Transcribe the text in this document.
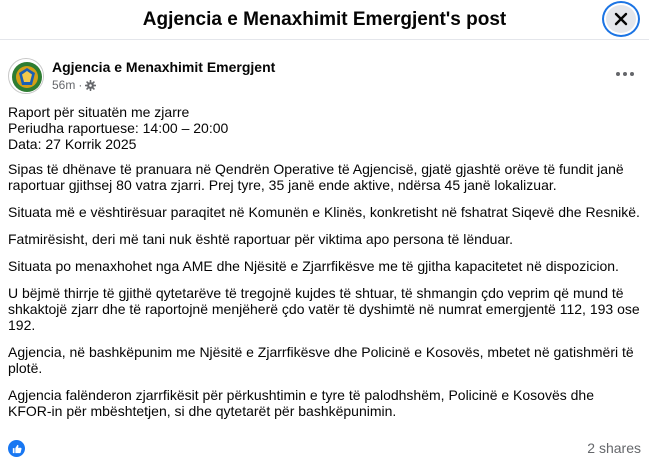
Agjencia e Menaxhimit Emergjent's post
Agjencia e Menaxhimit Emergjent
56m ·

Raport për situatën me zjarre
Periudha raportuese: 14:00 – 20:00
Data: 27 Korrik 2025

Sipas të dhënave të pranuara në Qendrën Operative të Agjencisë, gjatë gjashtë orëve të fundit janë raportuar gjithsej 80 vatra zjarri. Prej tyre, 35 janë ende aktive, ndërsa 45 janë lokalizuar.

Situata më e vështirësuar paraqitet në Komunën e Klinës, konkretisht në fshatrat Siqevë dhe Resnikë.

Fatmirësisht, deri më tani nuk është raportuar për viktima apo persona të lënduar.

Situata po menaxhohet nga AME dhe Njësitë e Zjarrfikësve me të gjitha kapacitetet në dispozicion.

U bëjmë thirrje të gjithë qytetarëve të tregojnë kujdes të shtuar, të shmangin çdo veprim që mund të shkaktojë zjarr dhe të raportojnë menjëherë çdo vatër të dyshimtë në numrat emergjentë 112, 193 ose 192.

Agjencia, në bashkëpunim me Njësitë e Zjarrfikësve dhe Policinë e Kosovës, mbetet në gatishmëri të plotë.

Agjencia falënderon zjarrfikësit për përkushtimin e tyre të palodhshëm, Policinë e Kosovës dhe KFOR-in për mbështetjen, si dhe qytetarët për bashkëpunimin.

2 shares
